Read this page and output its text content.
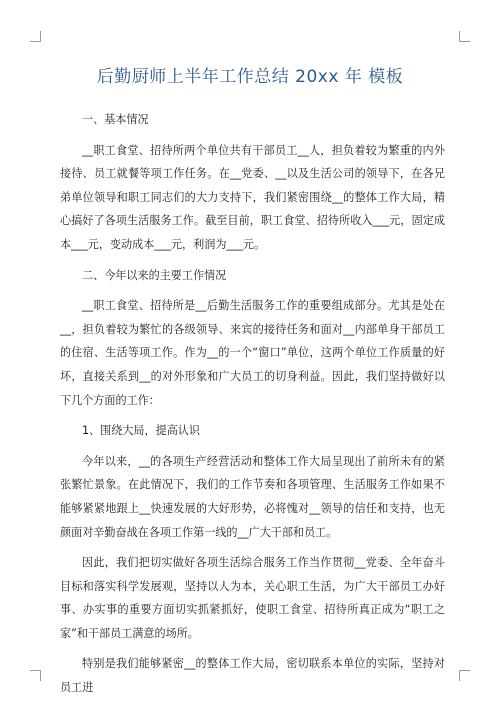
后勤厨师上半年工作总结 20xx 年 模板

一、基本情况

__职工食堂、招待所两个单位共有干部员工__人，担负着较为繁重的内外接待、员工就餐等项工作任务。在__党委、__以及生活公司的领导下，在各兄弟单位领导和职工同志们的大力支持下，我们紧密围绕__的整体工作大局，精心搞好了各项生活服务工作。截至目前，职工食堂、招待所收入___元，固定成本___元，变动成本___元，利润为___元。

二、今年以来的主要工作情况

__职工食堂、招待所是__后勤生活服务工作的重要组成部分。尤其是处在__，担负着较为繁忙的各级领导、来宾的接待任务和面对__内部单身干部员工的住宿、生活等项工作。作为__的一个“窗口”单位，这两个单位工作质量的好坏，直接关系到__的对外形象和广大员工的切身利益。因此，我们坚持做好以下几个方面的工作：

1、围绕大局，提高认识

今年以来，__的各项生产经营活动和整体工作大局呈现出了前所未有的紧张繁忙景象。在此情况下，我们的工作节奏和各项管理、生活服务工作如果不能够紧紧地跟上__快速发展的大好形势，必将愧对__领导的信任和支持，也无颜面对辛勤奋战在各项工作第一线的__广大干部和员工。

因此，我们把切实做好各项生活综合服务工作当作贯彻__党委、全年奋斗目标和落实科学发展观，坚持以人为本，关心职工生活，为广大干部员工办好事、办实事的重要方面切实抓紧抓好，使职工食堂、招待所真正成为“职工之家”和干部员工满意的场所。

特别是我们能够紧密__的整体工作大局，密切联系本单位的实际，坚持对员工进
